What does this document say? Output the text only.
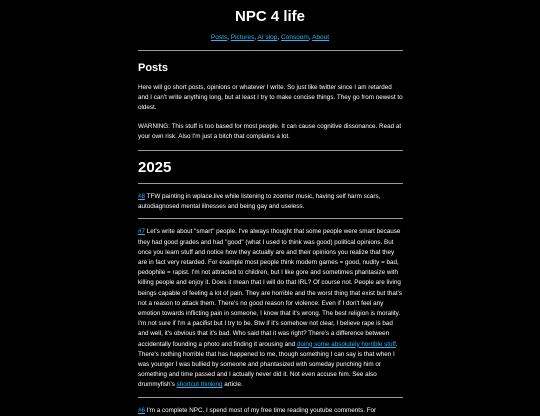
NPC 4 life
Posts, Pictures, AI slop, Consoom, About
Posts

Here will go short posts, opinions or whatever I write. So just like twitter since I am retarded and I can't write anything long, but at least I try to make concise things. They go from newest to oldest.

WARNING: This stuff is too based for most people. It can cause cognitive dissonance. Read at your own risk. Also I'm just a bitch that complains a lot.

2025

#8 TFW painting in wplace.live while listening to zoomer music, having self harm scars, autodiagnosed mental illnesses and being gay and useless.

#7 Let's write about "smart" people. I've always thought that some people were smart because they had good grades and had "good" (what I used to think was good) political opinions. But once you learn stuff and notice how they actually are and their opinions you realize that they are in fact very retarded. For example most people think modern games = good, nudity = bad, pedophile = rapist. I'm not attracted to children, but I like gore and sometimes phantasize with killing people and enjoy it. Does it mean that I will do that IRL? Of course not. People are living beings capable of feeling a lot of pain. They are horrible and the worst thing that exist but that's not a reason to attack them. There's no good reason for violence. Even if I don't feel any emotion towards inflicting pain in someone, I know that it's wrong. The best religion is morality. I'm not sure if I'm a pacifist but I try to be. Btw if it's somehow not clear, I believe rape is bad and well, it's obvious that it's bad. Who said that it was right? There's a difference between accidentally founding a photo and finding it arousing and doing some absolutely horrible stuff. There's nothing horrible that has happened to me, though something I can say is that when I was younger I was bullied by someone and phantasized with someday punching him or something and time passed and I actually never did it. Not even accuse him. See also drummyfish's shortcut thinking article.

#6 I'm a complete NPC. I spend most of my free time reading youtube comments. For
